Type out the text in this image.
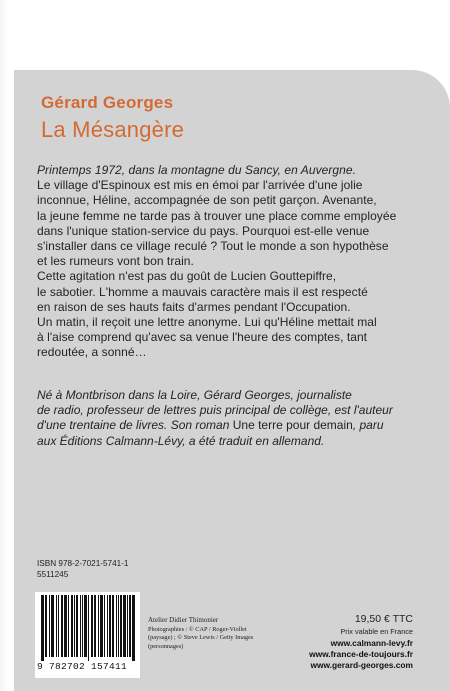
Gérard Georges
La Mésangère
Printemps 1972, dans la montagne du Sancy, en Auvergne.
Le village d'Espinoux est mis en émoi par l'arrivée d'une jolie
inconnue, Héline, accompagnée de son petit garçon. Avenante,
la jeune femme ne tarde pas à trouver une place comme employée
dans l'unique station-service du pays. Pourquoi est-elle venue
s'installer dans ce village reculé ? Tout le monde a son hypothèse
et les rumeurs vont bon train.
Cette agitation n'est pas du goût de Lucien Gouttepiffre,
le sabotier. L'homme a mauvais caractère mais il est respecté
en raison de ses hauts faits d'armes pendant l'Occupation.
Un matin, il reçoit une lettre anonyme. Lui qu'Héline mettait mal
à l'aise comprend qu'avec sa venue l'heure des comptes, tant
redoutée, a sonné…
Né à Montbrison dans la Loire, Gérard Georges, journaliste
de radio, professeur de lettres puis principal de collège, est l'auteur
d'une trentaine de livres. Son roman Une terre pour demain, paru
aux Éditions Calmann-Lévy, a été traduit en allemand.
ISBN 978-2-7021-5741-1
5511245
9 782702 157411
Atelier Didier Thimonier
Photographies : © CAP / Roger-Viollet
(paysage) ; © Steve Lewis / Getty Images
(personnages)
19,50 € TTC
Prix valable en France
www.calmann-levy.fr
www.france-de-toujours.fr
www.gerard-georges.com
